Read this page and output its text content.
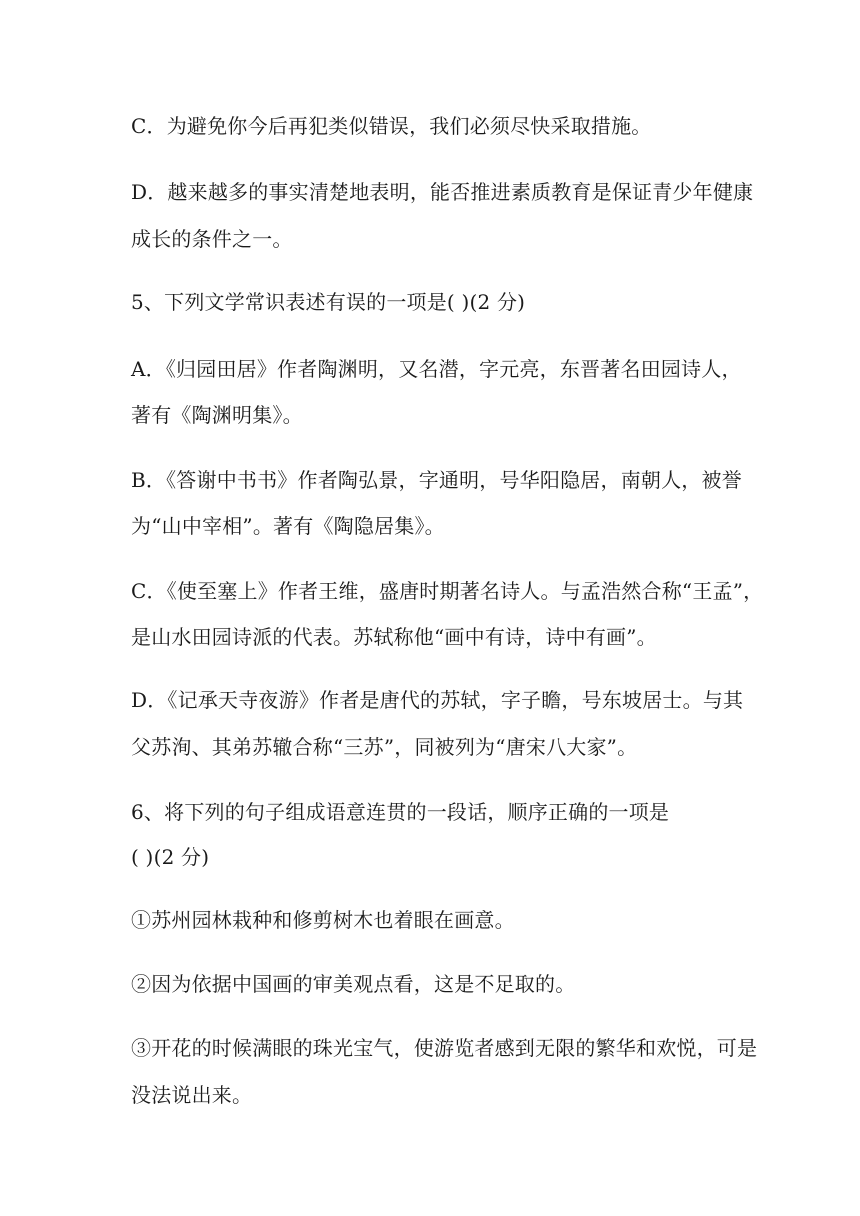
C．为避免你今后再犯类似错误，我们必须尽快采取措施。
D．越来越多的事实清楚地表明，能否推进素质教育是保证青少年健康
成长的条件之一。
5、下列文学常识表述有误的一项是( )(2 分)
A．《归园田居》作者陶渊明，又名潜，字元亮，东晋著名田园诗人，
著有《陶渊明集》。
B．《答谢中书书》作者陶弘景，字通明，号华阳隐居，南朝人，被誉
为“山中宰相”。著有《陶隐居集》。
C．《使至塞上》作者王维，盛唐时期著名诗人。与孟浩然合称“王孟”，
是山水田园诗派的代表。苏轼称他“画中有诗，诗中有画”。
D．《记承天寺夜游》作者是唐代的苏轼，字子瞻，号东坡居士。与其
父苏洵、其弟苏辙合称“三苏”，同被列为“唐宋八大家”。
6、将下列的句子组成语意连贯的一段话，顺序正确的一项是
( )(2 分)
①苏州园林栽种和修剪树木也着眼在画意。
②因为依据中国画的审美观点看，这是不足取的。
③开花的时候满眼的珠光宝气，使游览者感到无限的繁华和欢悦，可是
没法说出来。
